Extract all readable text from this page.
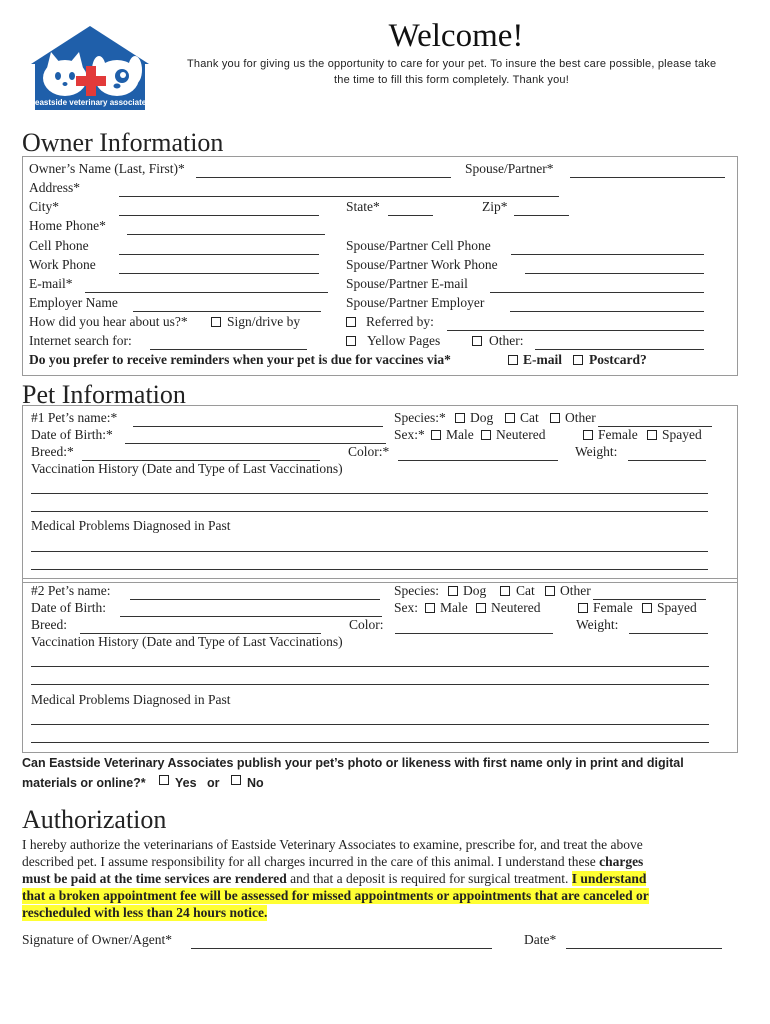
eastside veterinary associates
Welcome!
Thank you for giving us the opportunity to care for your pet. To insure the best care possible, please take
the time to fill this form completely. Thank you!
Owner Information
Owner’s Name (Last, First)*	Spouse/Partner*
Address*
City*	State*	Zip*
Home Phone*
Cell Phone	Spouse/Partner Cell Phone
Work Phone	Spouse/Partner Work Phone
E-mail*	Spouse/Partner E-mail
Employer Name	Spouse/Partner Employer
How did you hear about us?*	Sign/drive by	Referred by:
Internet search for:	Yellow Pages	Other:
Do you prefer to receive reminders when your pet is due for vaccines via*	E-mail Postcard?
Pet Information
#1 Pet’s name:*	Species:* Dog Cat Other
Date of Birth:*	Sex:* Male Neutered	Female Spayed
Breed:*	Color:*	Weight:
Vaccination History (Date and Type of Last Vaccinations)
Medical Problems Diagnosed in Past
#2 Pet’s name:	Species: Dog Cat Other
Date of Birth:	Sex: Male Neutered	Female Spayed
Breed:	Color:	Weight:
Vaccination History (Date and Type of Last Vaccinations)
Medical Problems Diagnosed in Past
Can Eastside Veterinary Associates publish your pet’s photo or likeness with first name only in print and digital
materials or online?* Yes or No
Authorization
I hereby authorize the veterinarians of Eastside Veterinary Associates to examine, prescribe for, and treat the above
described pet. I assume responsibility for all charges incurred in the care of this animal. I understand these charges
must be paid at the time services are rendered and that a deposit is required for surgical treatment. I understand
that a broken appointment fee will be assessed for missed appointments or appointments that are canceled or
rescheduled with less than 24 hours notice.
Signature of Owner/Agent*	Date*
